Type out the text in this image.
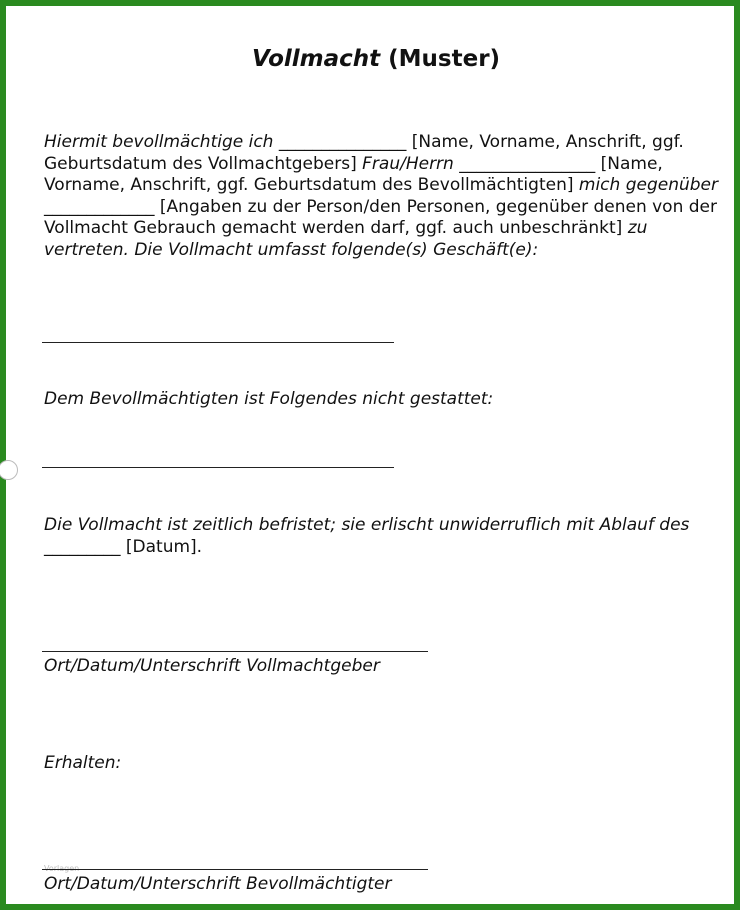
Vollmacht (Muster)
Hiermit bevollmächtige ich _______________ [Name, Vorname, Anschrift, ggf. Geburtsdatum des Vollmachtgebers] Frau/Herrn ________________ [Name, Vorname, Anschrift, ggf. Geburtsdatum des Bevollmächtigten] mich gegenüber _____________ [Angaben zu der Person/den Personen, gegenüber denen von der Vollmacht Gebrauch gemacht werden darf, ggf. auch unbeschränkt] zu vertreten. Die Vollmacht umfasst folgende(s) Geschäft(e):
Dem Bevollmächtigten ist Folgendes nicht gestattet:
Die Vollmacht ist zeitlich befristet; sie erlischt unwiderruflich mit Ablauf des _________ [Datum].
Ort/Datum/Unterschrift Vollmachtgeber
Erhalten:
Vorlagen
Ort/Datum/Unterschrift Bevollmächtigter
